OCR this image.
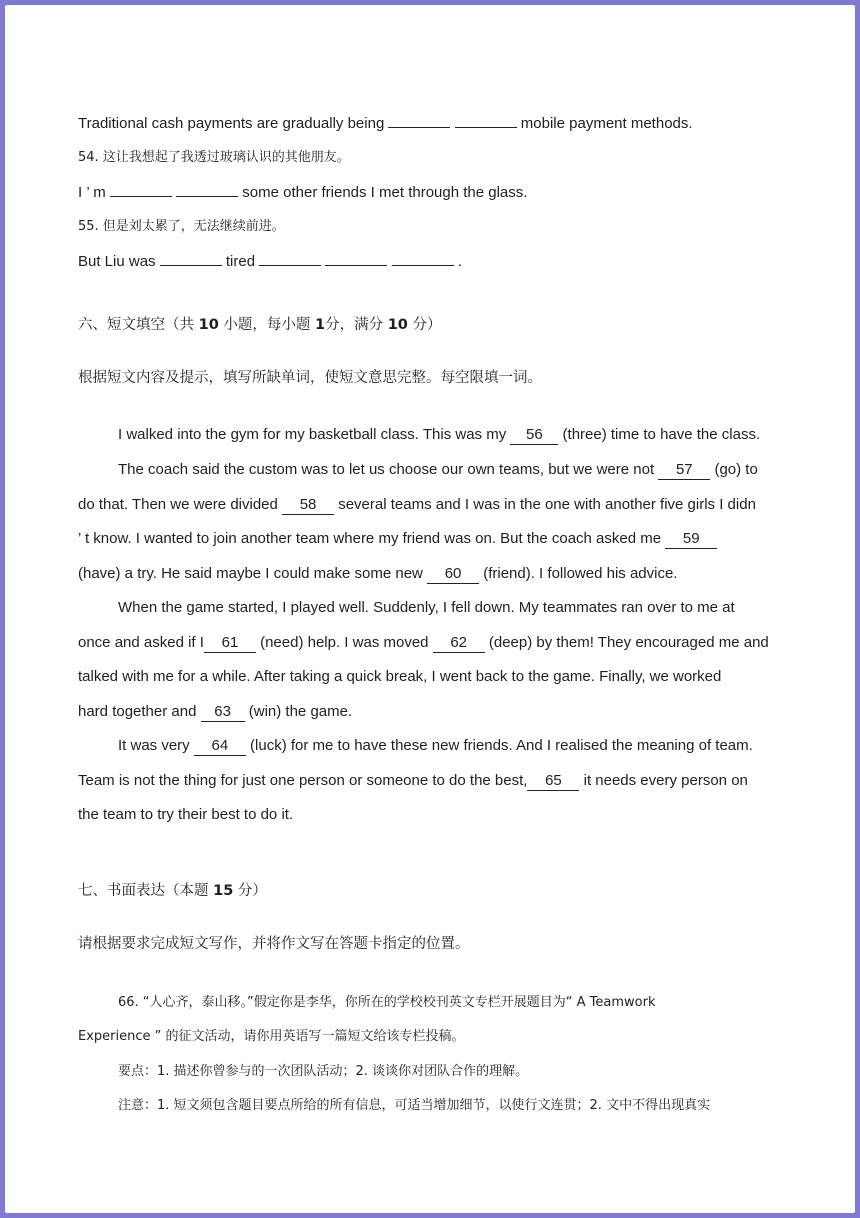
Traditional cash payments are gradually being	mobile payment methods.
54. 这让我想起了我透过玻璃认识的其他朋友。
I ’ m	some other friends I met through the glass.
55. 但是刘太累了，无法继续前进。
But Liu was	tired	.
六、短文填空（共 10 小题，每小题 1分，满分 10 分）
根据短文内容及提示，填写所缺单词，使短文意思完整。每空限填一词。
I walked into the gym for my basketball class. This was my 56 (three) time to have the class.
The coach said the custom was to let us choose our own teams, but we were not 57 (go) to
do that. Then we were divided 58 several teams and I was in the one with another five girls I didn
’ t know. I wanted to join another team where my friend was on. But the coach asked me 59
(have) a try. He said maybe I could make some new 60 (friend). I followed his advice.
When the game started, I played well. Suddenly, I fell down. My teammates ran over to me at
once and asked if I 61 (need) help. I was moved 62 (deep) by them! They encouraged me and
talked with me for a while. After taking a quick break, I went back to the game. Finally, we worked
hard together and 63 (win) the game.
It was very 64 (luck) for me to have these new friends. And I realised the meaning of team.
Team is not the thing for just one person or someone to do the best, 65 it needs every person on
the team to try their best to do it.
七、书面表达（本题 15 分）
请根据要求完成短文写作，并将作文写在答题卡指定的位置。
66. “人心齐，泰山移。”假定你是李华，你所在的学校校刊英文专栏开展题目为“ A Teamwork
Experience ” 的征文活动，请你用英语写一篇短文给该专栏投稿。
要点：1. 描述你曾参与的一次团队活动；2. 谈谈你对团队合作的理解。
注意：1. 短文须包含题目要点所给的所有信息，可适当增加细节，以使行文连贯；2. 文中不得出现真实
